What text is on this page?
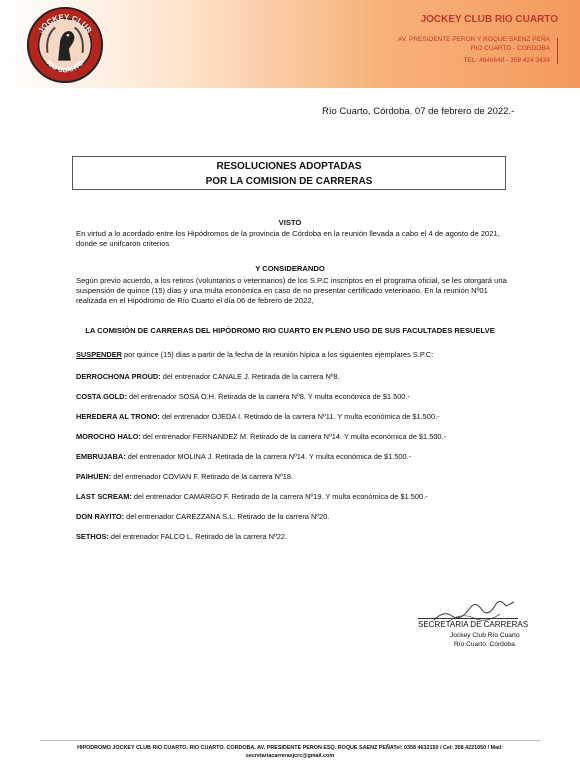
JOCKEY CLUB
RIO CUARTO
JOCKEY CLUB RIO CUARTO
AV. PRESIDENTE PERON Y ROQUE SAENZ PEÑA
RIO CUARTO - CORDOBA
TEL: 4646648 - 358 424 3434
Río Cuarto, Córdoba. 07 de febrero de 2022.-
RESOLUCIONES ADOPTADAS
POR LA COMISION DE CARRERAS
VISTO
En virtud a lo acordado entre los Hipódromos de la provincia de Córdoba en la reunión llevada a cabo el 4 de agosto de 2021, donde se unifcaron criterios
Y CONSIDERANDO
Según previo acuerdo, a los retiros (voluntarios o veterinarios) de los S.P.C inscriptos en el programa oficial, se les otorgará una suspensión de quince (15) días y una multa económica en caso de no presentar certificado veterinario. En la reunión Nº01 realizada en el Hipódromo de Río Cuarto el día 06 de febrero de 2022,
LA COMISIÓN DE CARRERAS DEL HIPÓDROMO RIO CUARTO EN PLENO USO DE SUS FACULTADES RESUELVE
SUSPENDER por quince (15) días a partir de la fecha de la reunión hípica a los siguientes ejemplares S.P.C:
DERROCHONA PROUD: del entrenador CANALE J. Retirada de la carrera Nº8.
COSTA GOLD: del entrenador SOSA O.H. Retirada de la carrera Nº8. Y multa económica de $1.500.-
HEREDERA AL TRONO: del entrenador OJEDA I. Retirado de la carrera Nº11. Y multa económica de $1.500.-
MOROCHO HALO: del entrenador FERNANDEZ M. Retirado de la carrera Nº14. Y multa económica de $1.500.-
EMBRUJABA: del entrenador MOLINA J. Retirada de la carrera Nº14. Y multa económica de $1.500.-
PAIHUEN: del entrenador COVIAN F. Retirado de la carrera Nº18.
LAST SCREAM: del entrenador CAMARGO F. Retirado de la carrera Nº19. Y multa económica de $1.500.-
DON RAYITO: del entrenador CAREZZANA S.L. Retirado de la carrera Nº20.
SETHOS: del entrenador FALCO L. Retirado de la carrera Nº22.
SECRETARIA DE CARRERAS
Jockey Club Río Cuarto
Río Cuarto. Córdoba.
HIPODROMO JOCKEY CLUB RIO CUARTO. RIO CUARTO. CORDOBA. AV. PRESIDENTE PERON ESQ. ROQUE SAENZ PEÑATel: 0358 4632150 / Cel: 358 4221050 / Mail:
secretariacarrerasjcrc@gmail.com
